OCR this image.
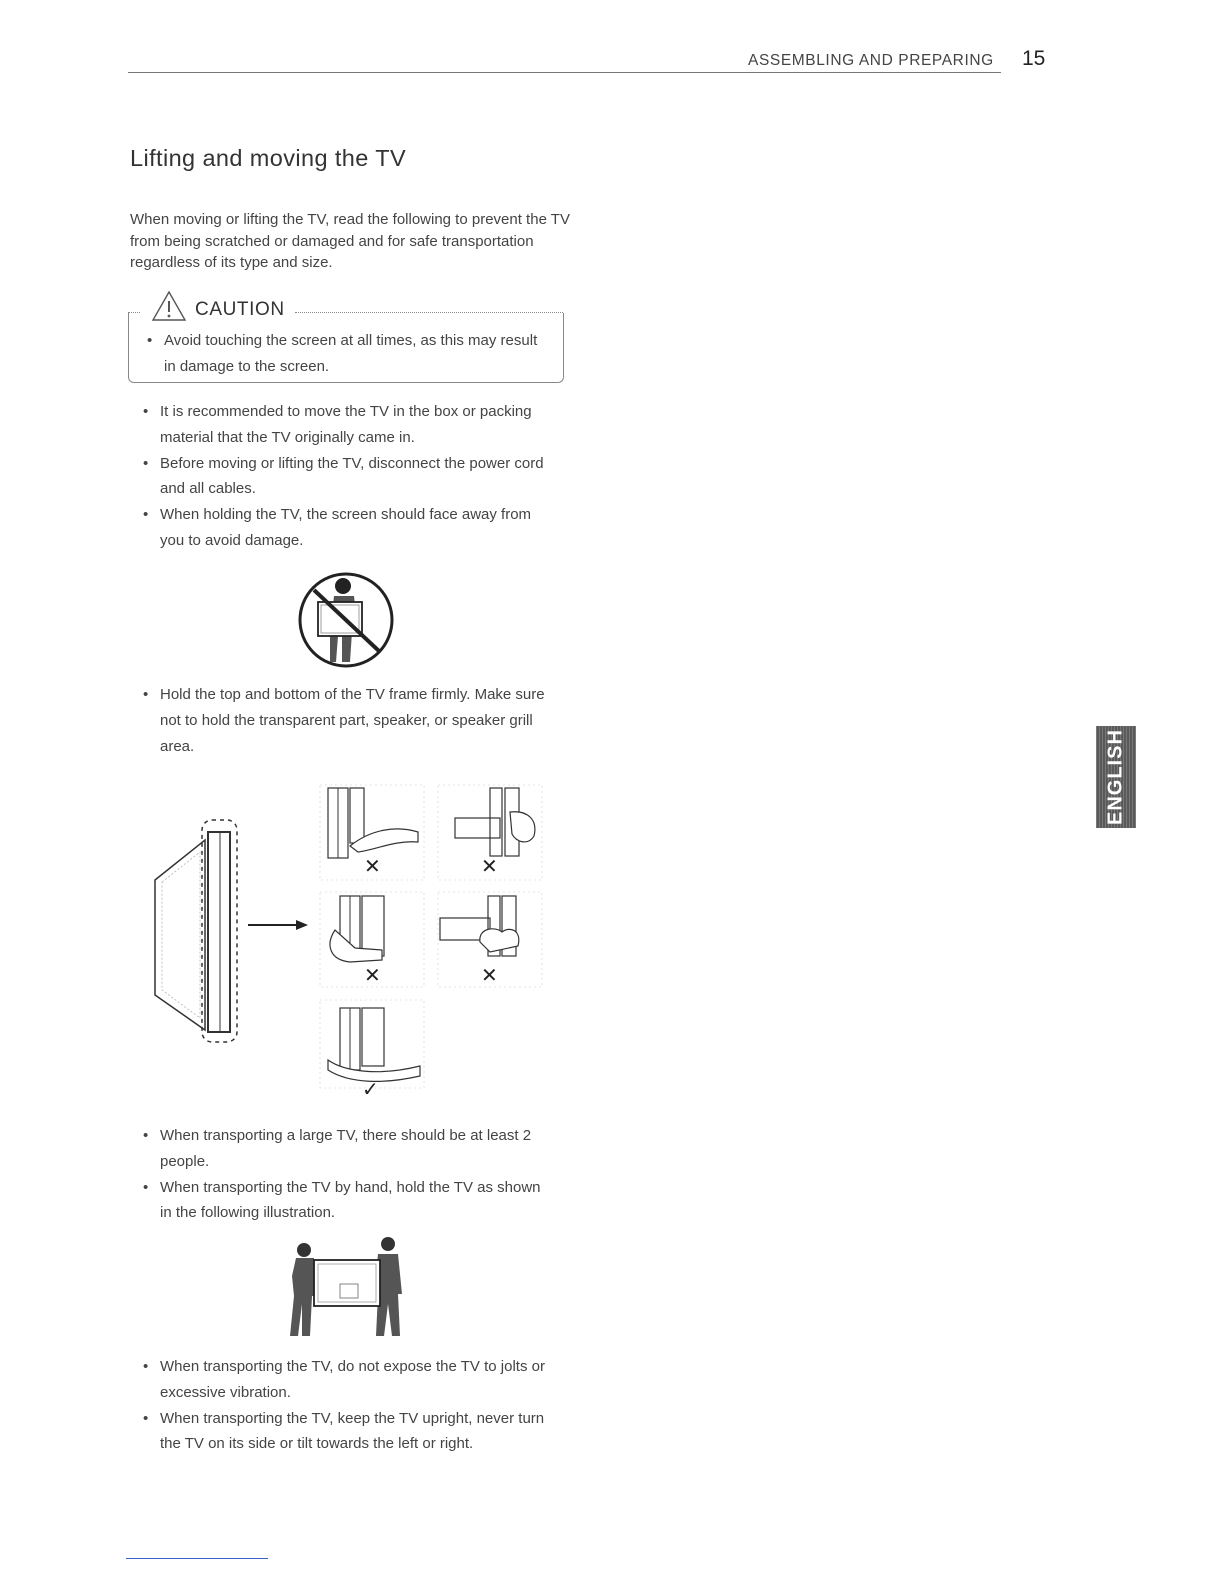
ASSEMBLING AND PREPARING 15
Lifting and moving the TV
When moving or lifting the TV, read the following to prevent the TV from being scratched or damaged and for safe transportation regardless of its type and size.
CAUTION
• Avoid touching the screen at all times, as this may result in damage to the screen.
• It is recommended to move the TV in the box or packing material that the TV originally came in.
• Before moving or lifting the TV, disconnect the power cord and all cables.
• When holding the TV, the screen should face away from you to avoid damage.
• Hold the top and bottom of the TV frame firmly. Make sure not to hold the transparent part, speaker, or speaker grill area.
✕	✕
✕	✕
✓
• When transporting a large TV, there should be at least 2 people.
• When transporting the TV by hand, hold the TV as shown in the following illustration.
• When transporting the TV, do not expose the TV to jolts or excessive vibration.
• When transporting the TV, keep the TV upright, never turn the TV on its side or tilt towards the left or right.
ENGLISH
